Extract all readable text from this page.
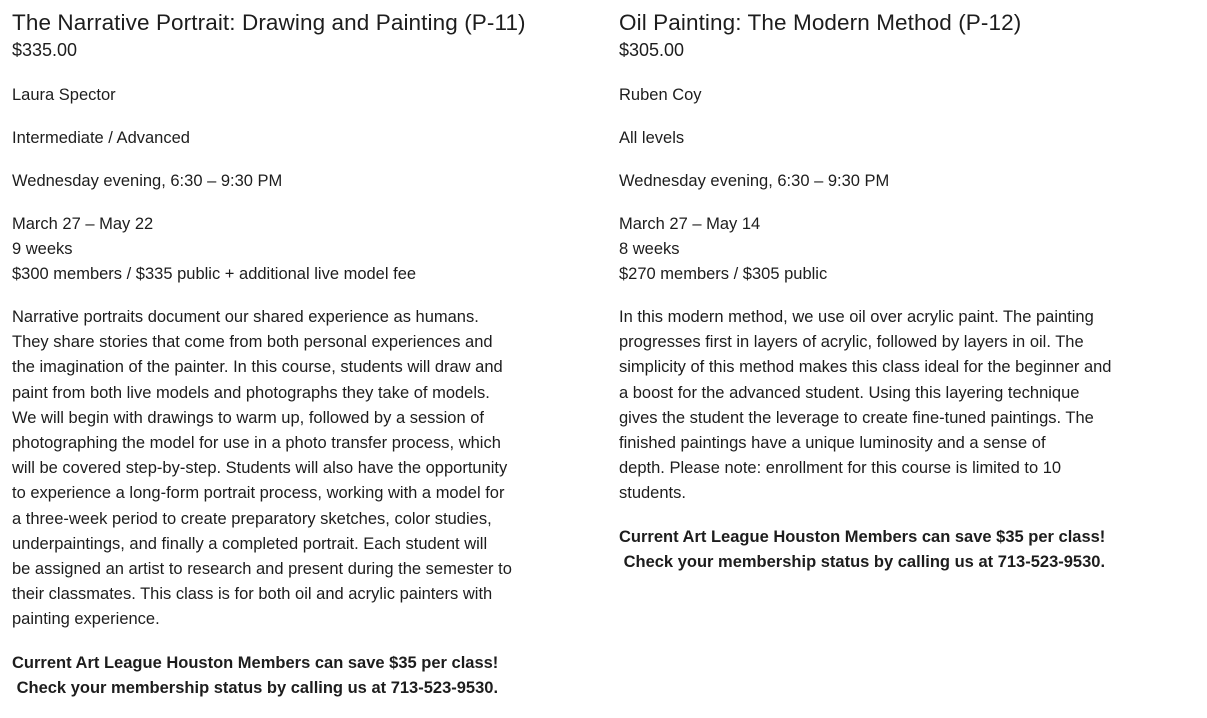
The Narrative Portrait: Drawing and Painting (P-11)
$335.00
Laura Spector
Intermediate / Advanced
Wednesday evening, 6:30 – 9:30 PM
March 27 – May 22
9 weeks
$300 members / $335 public + additional live model fee
Narrative portraits document our shared experience as humans.
They share stories that come from both personal experiences and
the imagination of the painter. In this course, students will draw and
paint from both live models and photographs they take of models.
We will begin with drawings to warm up, followed by a session of
photographing the model for use in a photo transfer process, which
will be covered step-by-step. Students will also have the opportunity
to experience a long-form portrait process, working with a model for
a three-week period to create preparatory sketches, color studies,
underpaintings, and finally a completed portrait. Each student will
be assigned an artist to research and present during the semester to
their classmates. This class is for both oil and acrylic painters with
painting experience.
Current Art League Houston Members can save $35 per class!
Check your membership status by calling us at 713-523-9530.
Oil Painting: The Modern Method (P-12)
$305.00
Ruben Coy
All levels
Wednesday evening, 6:30 – 9:30 PM
March 27 – May 14
8 weeks
$270 members / $305 public
In this modern method, we use oil over acrylic paint. The painting
progresses first in layers of acrylic, followed by layers in oil. The
simplicity of this method makes this class ideal for the beginner and
a boost for the advanced student. Using this layering technique
gives the student the leverage to create fine-tuned paintings. The
finished paintings have a unique luminosity and a sense of
depth. Please note: enrollment for this course is limited to 10
students.
Current Art League Houston Members can save $35 per class!
Check your membership status by calling us at 713-523-9530.
